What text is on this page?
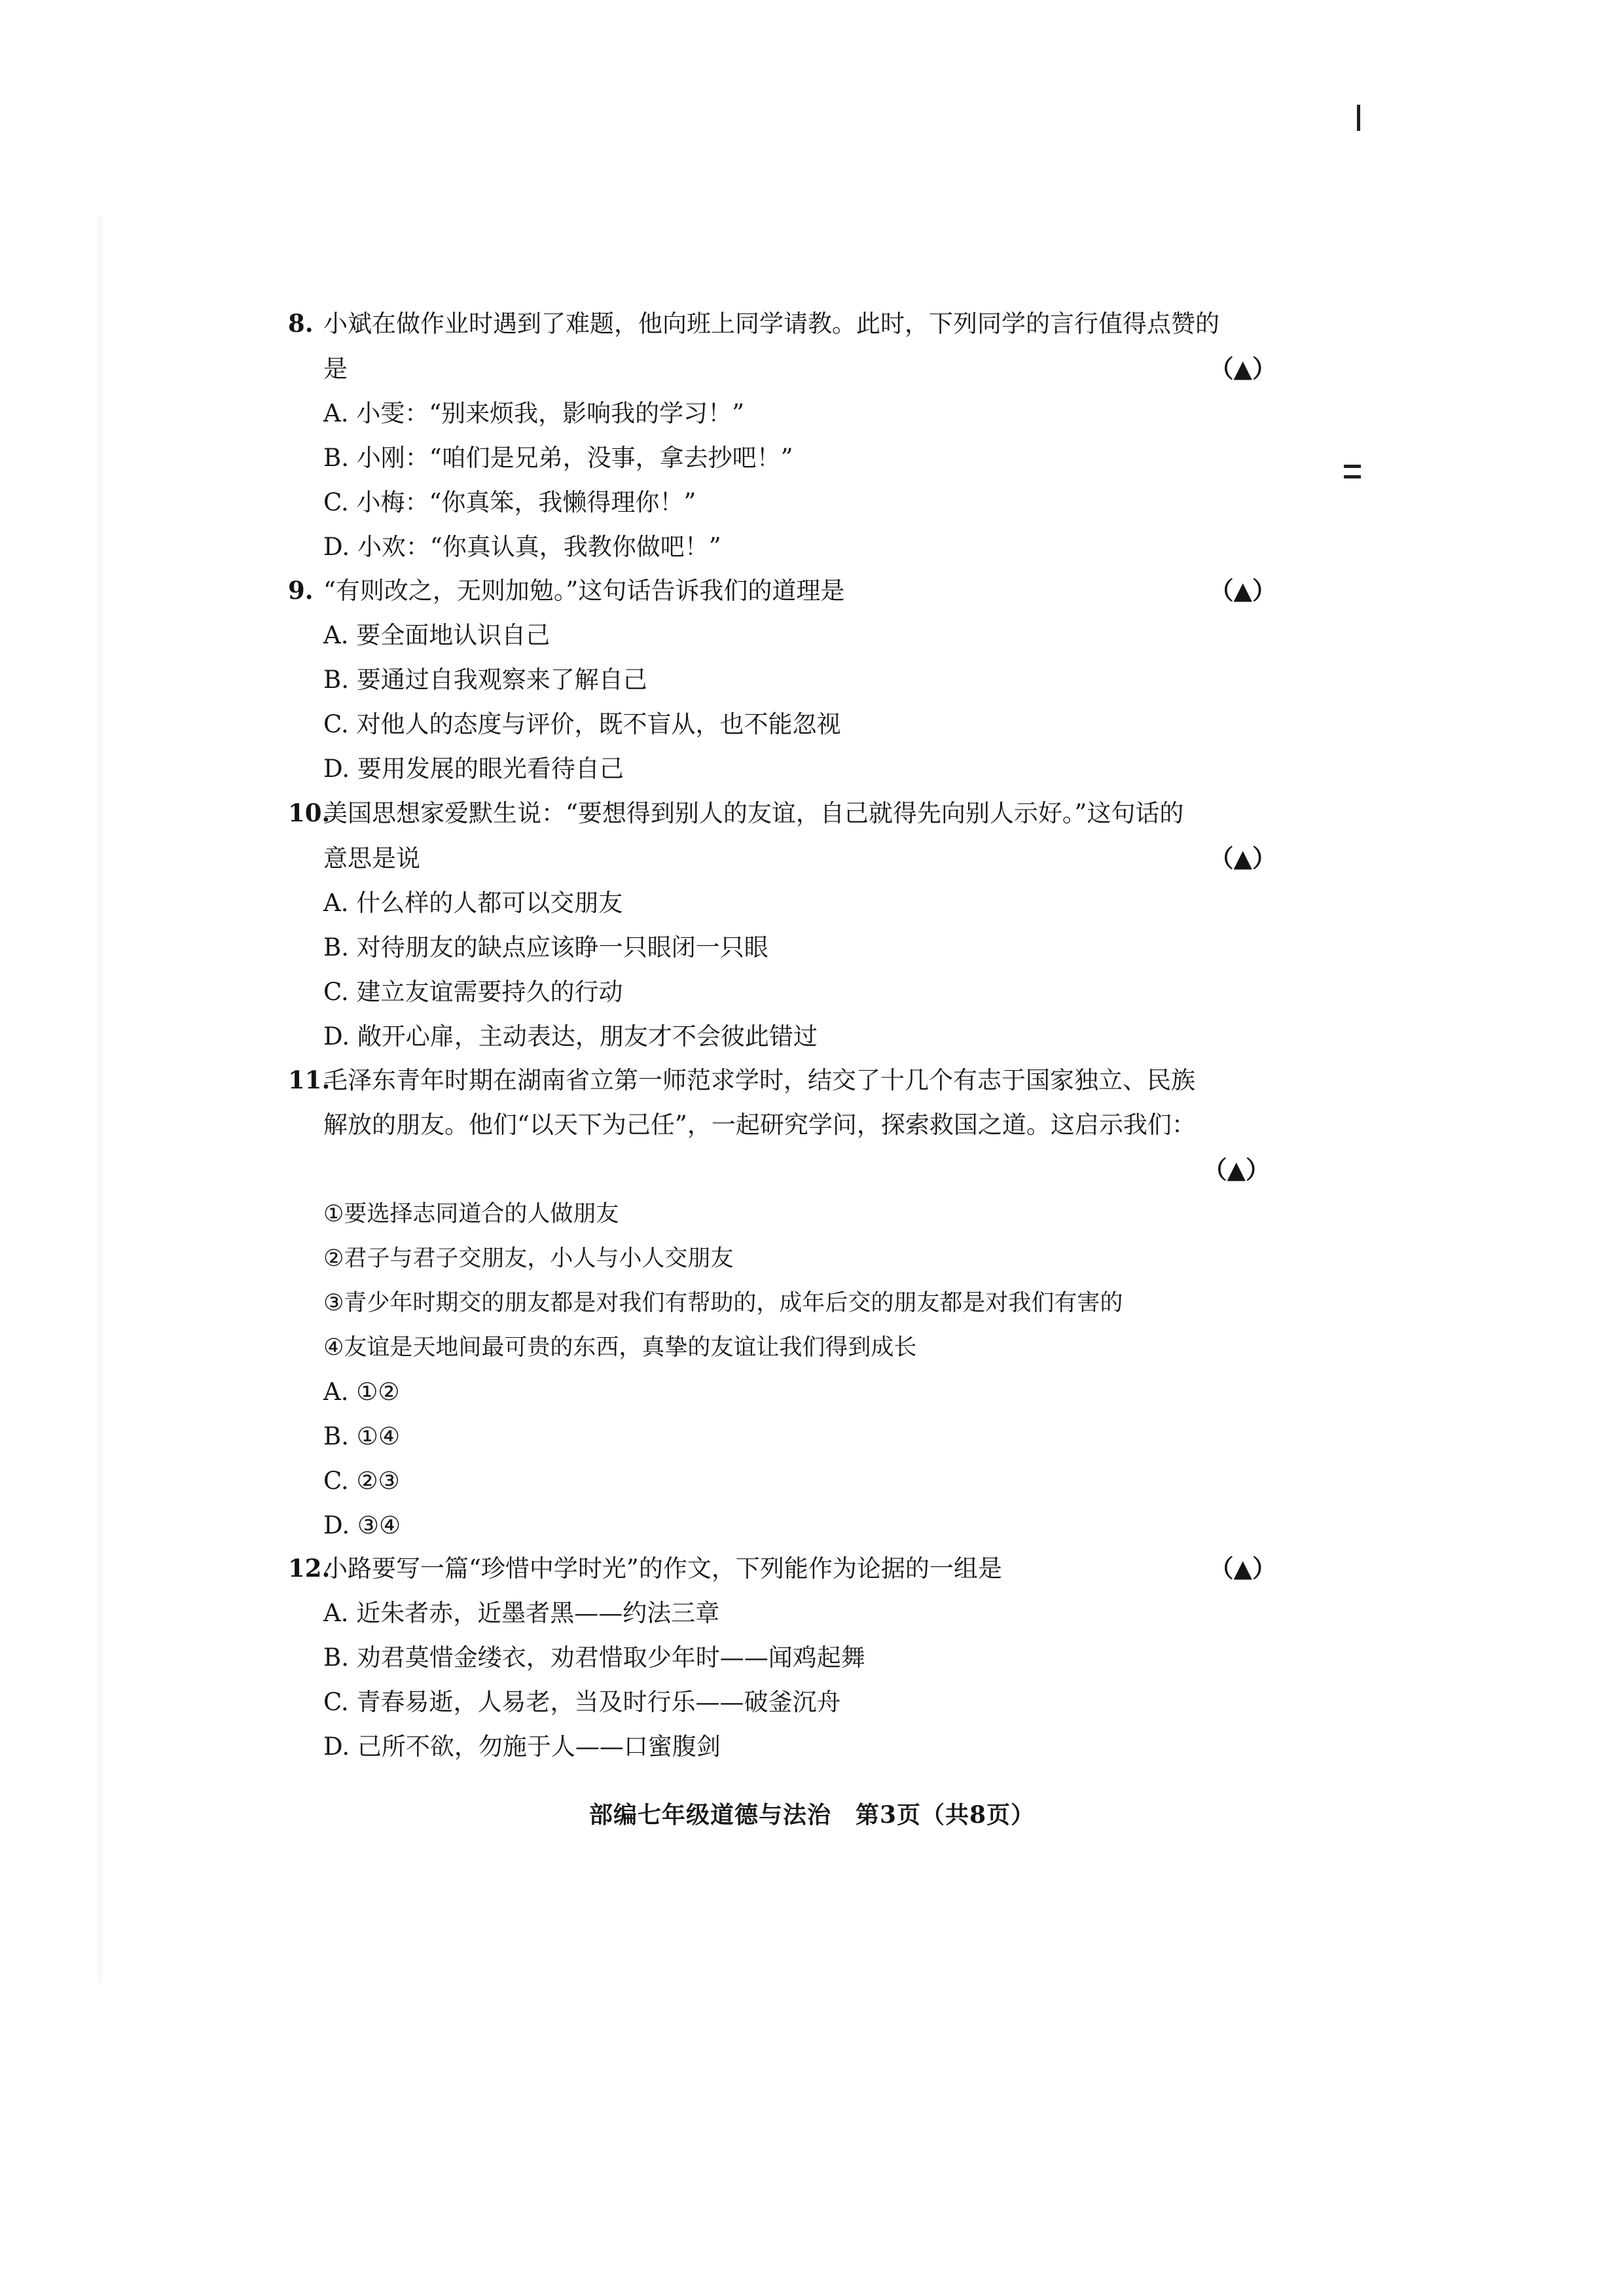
8. 小斌在做作业时遇到了难题，他向班上同学请教。此时，下列同学的言行值得点赞的
是	（▲）
A. 小雯：“别来烦我，影响我的学习！”
B. 小刚：“咱们是兄弟，没事，拿去抄吧！”
C. 小梅：“你真笨，我懒得理你！”
D. 小欢：“你真认真，我教你做吧！”
9. “有则改之，无则加勉。”这句话告诉我们的道理是	（▲）
A. 要全面地认识自己
B. 要通过自我观察来了解自己
C. 对他人的态度与评价，既不盲从，也不能忽视
D. 要用发展的眼光看待自己
10.
美国思想家爱默生说：“要想得到别人的友谊，自己就得先向别人示好。”这句话的
意思是说	（▲）
A. 什么样的人都可以交朋友
B. 对待朋友的缺点应该睁一只眼闭一只眼
C. 建立友谊需要持久的行动
D. 敞开心扉，主动表达，朋友才不会彼此错过
11.
毛泽东青年时期在湖南省立第一师范求学时，结交了十几个有志于国家独立、民族
解放的朋友。他们“以天下为己任”，一起研究学问，探索救国之道。这启示我们：
（▲）
①要选择志同道合的人做朋友
②君子与君子交朋友，小人与小人交朋友
③青少年时期交的朋友都是对我们有帮助的，成年后交的朋友都是对我们有害的
④友谊是天地间最可贵的东西，真挚的友谊让我们得到成长
A. ①②
B. ①④
C. ②③
D. ③④
12.
小路要写一篇“珍惜中学时光”的作文，下列能作为论据的一组是	（▲）
A. 近朱者赤，近墨者黑——约法三章
B. 劝君莫惜金缕衣，劝君惜取少年时——闻鸡起舞
C. 青春易逝，人易老，当及时行乐——破釜沉舟
D. 己所不欲，勿施于人——口蜜腹剑
部编七年级道德与法治　第3页（共8页）
